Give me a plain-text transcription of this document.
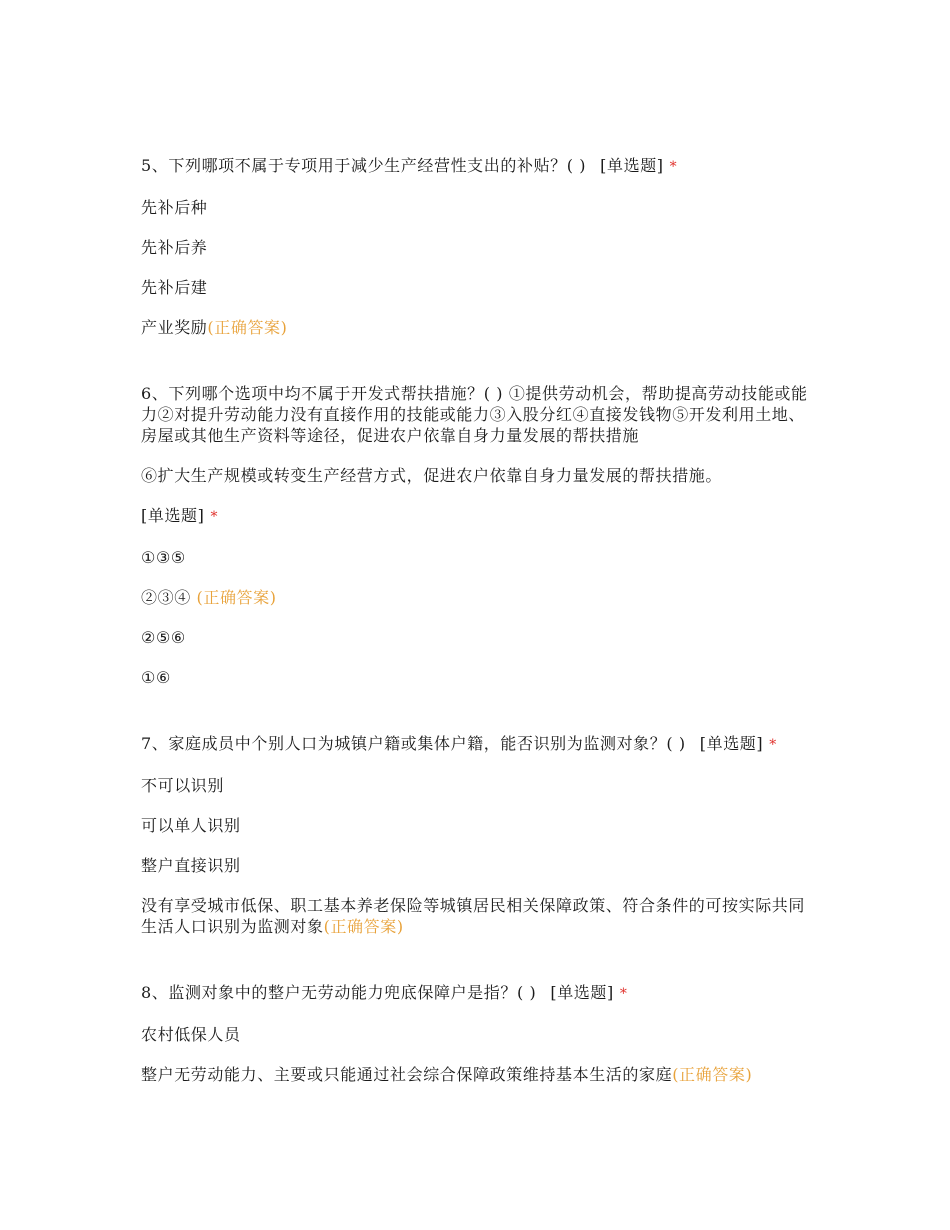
5、下列哪项不属于专项用于减少生产经营性支出的补贴？( ) [单选题] *

先补后种

先补后养

先补后建

产业奖励(正确答案)

6、下列哪个选项中均不属于开发式帮扶措施？( ) ①提供劳动机会，帮助提高劳动技能或能力②对提升劳动能力没有直接作用的技能或能力③入股分红④直接发钱物⑤开发利用土地、房屋或其他生产资料等途径，促进农户依靠自身力量发展的帮扶措施

⑥扩大生产规模或转变生产经营方式，促进农户依靠自身力量发展的帮扶措施。

[单选题] *

①③⑤

②③④ (正确答案)

②⑤⑥

①⑥

7、家庭成员中个别人口为城镇户籍或集体户籍，能否识别为监测对象？( ) [单选题] *

不可以识别

可以单人识别

整户直接识别

没有享受城市低保、职工基本养老保险等城镇居民相关保障政策、符合条件的可按实际共同生活人口识别为监测对象(正确答案)

8、监测对象中的整户无劳动能力兜底保障户是指？( ) [单选题] *

农村低保人员

整户无劳动能力、主要或只能通过社会综合保障政策维持基本生活的家庭(正确答案)
